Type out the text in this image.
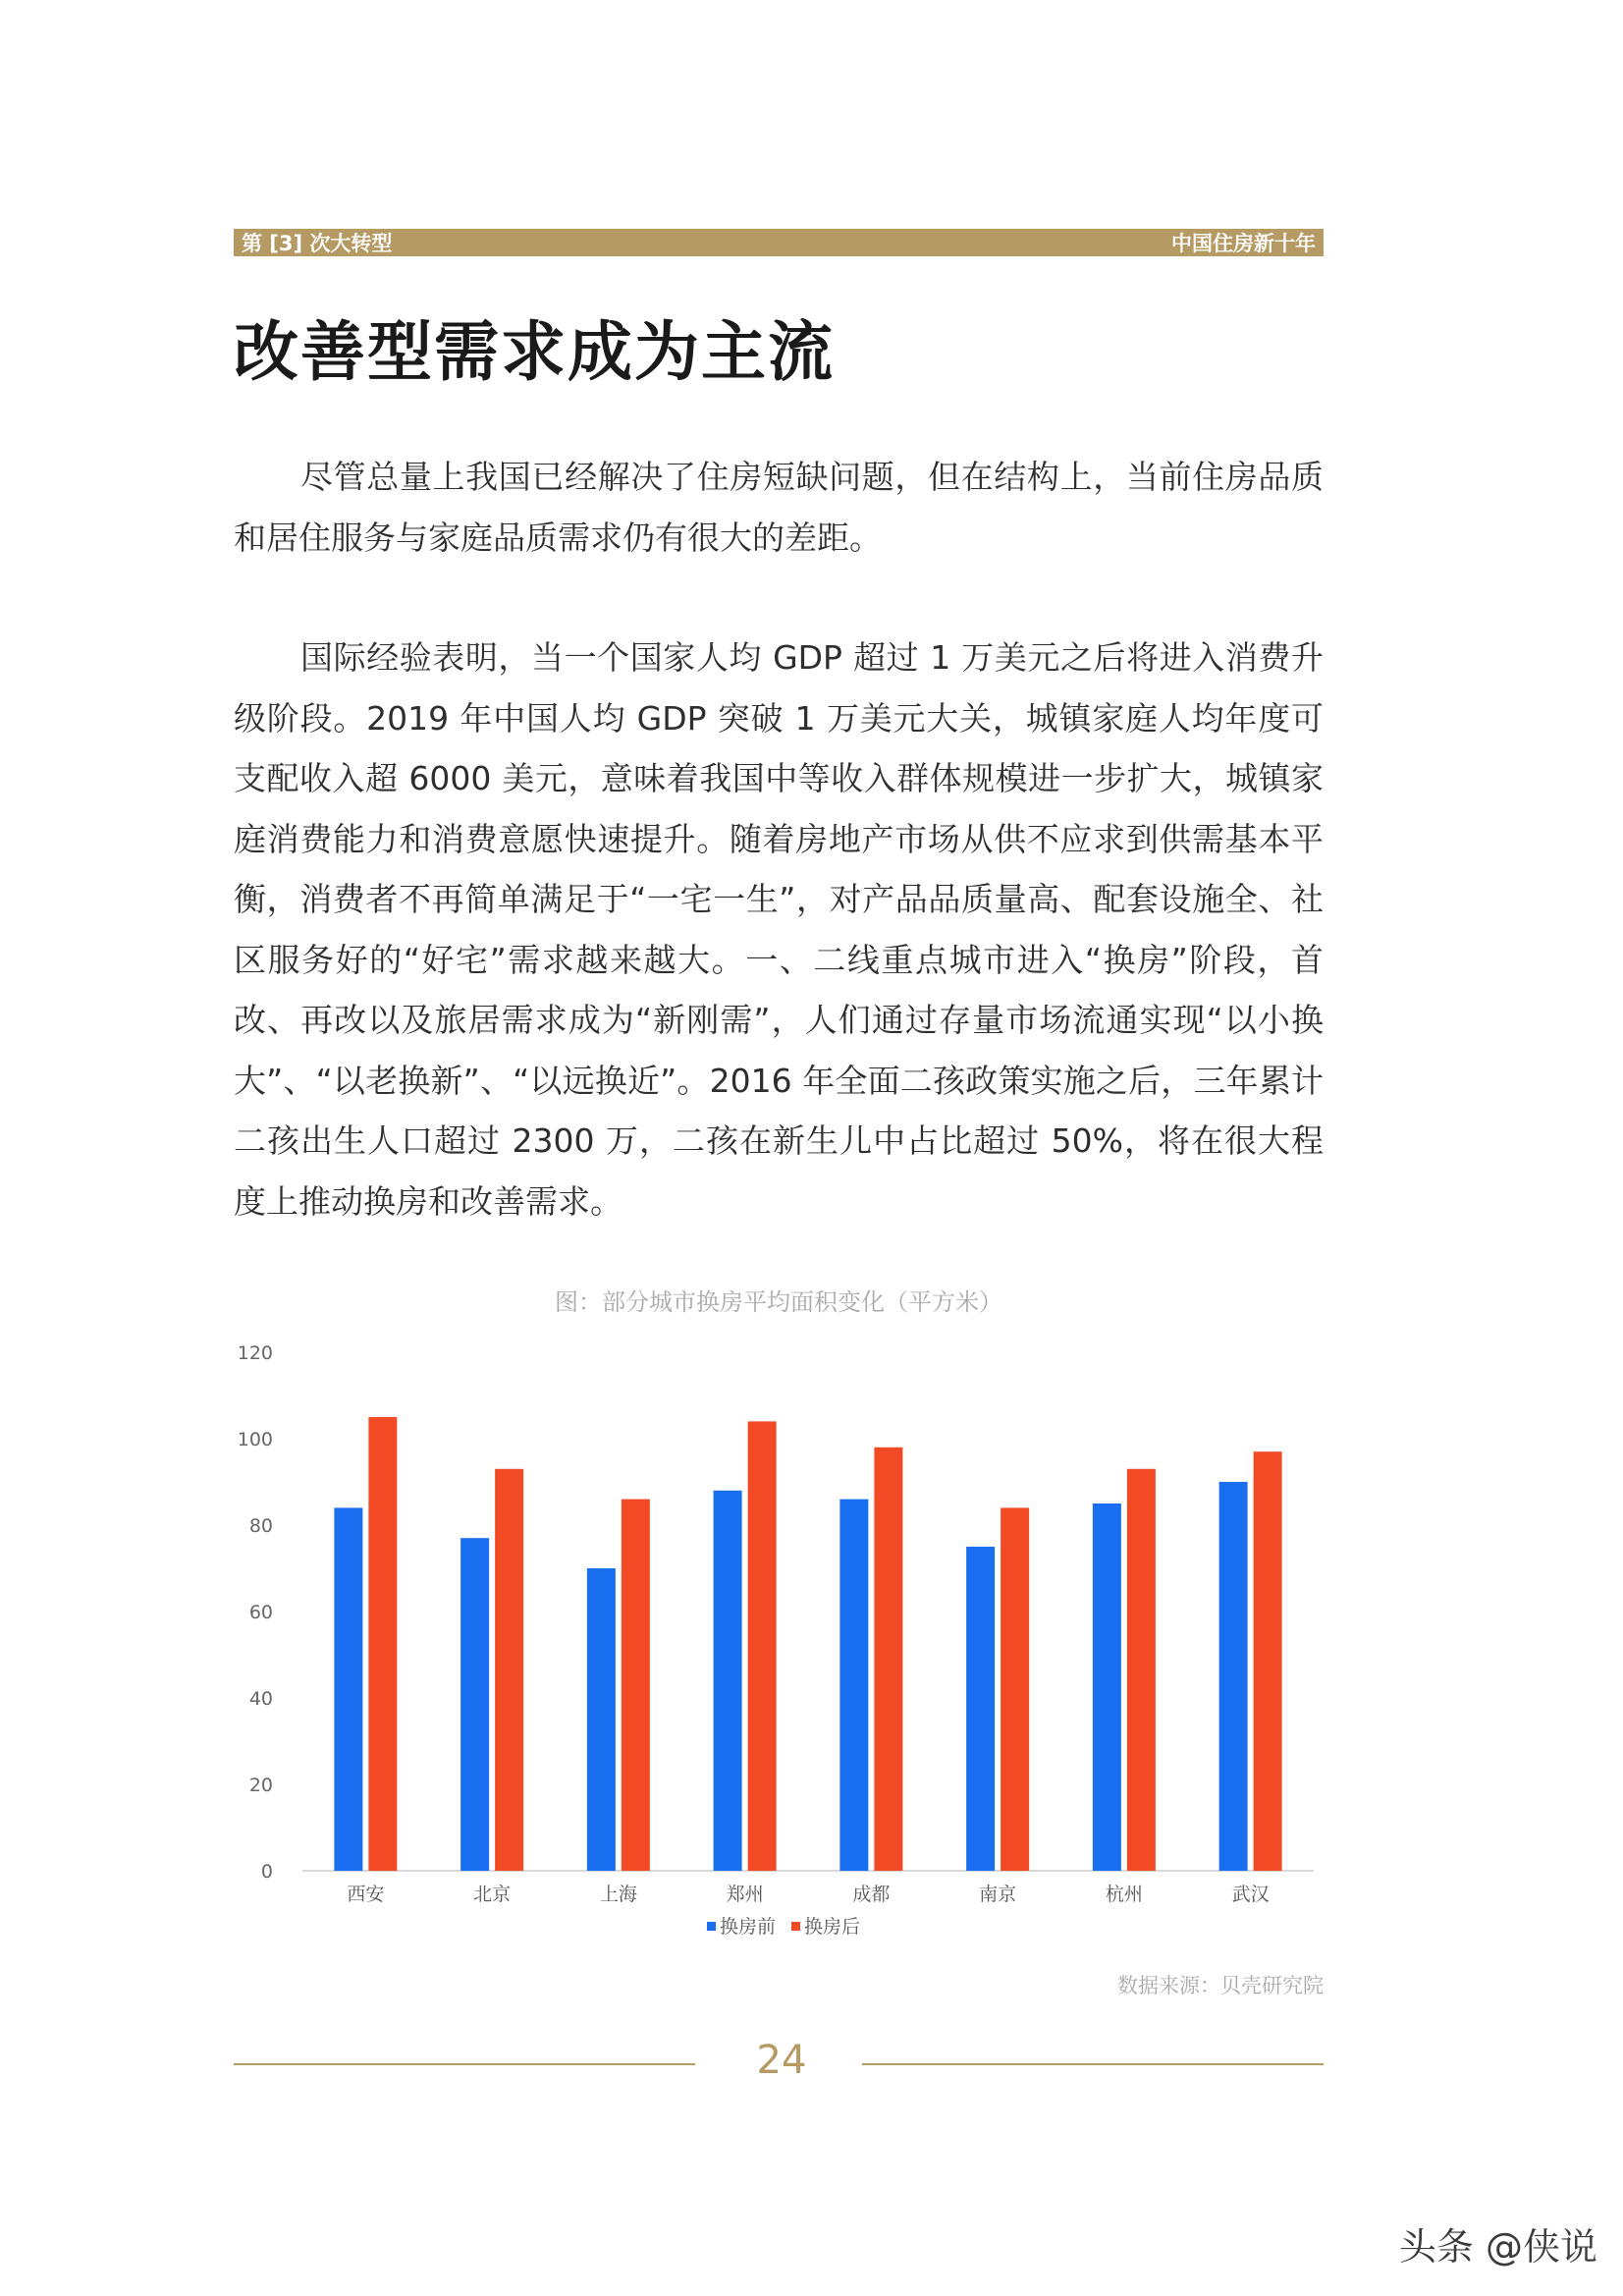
第 [3] 次大转型	中国住房新十年
改善型需求成为主流

尽管总量上我国已经解决了住房短缺问题，但在结构上，当前住房品质和居住服务与家庭品质需求仍有很大的差距。

国际经验表明，当一个国家人均 GDP 超过 1 万美元之后将进入消费升级阶段。2019 年中国人均 GDP 突破 1 万美元大关，城镇家庭人均年度可支配收入超 6000 美元，意味着我国中等收入群体规模进一步扩大，城镇家庭消费能力和消费意愿快速提升。随着房地产市场从供不应求到供需基本平衡，消费者不再简单满足于“一宅一生”，对产品品质量高、配套设施全、社区服务好的“好宅”需求越来越大。一、二线重点城市进入“换房”阶段，首改、再改以及旅居需求成为“新刚需”，人们通过存量市场流通实现“以小换大”、“以老换新”、“以远换近”。2016 年全面二孩政策实施之后，三年累计二孩出生人口超过 2300 万，二孩在新生儿中占比超过 50%，将在很大程度上推动换房和改善需求。

图：部分城市换房平均面积变化（平方米）
0
20
40
60
80
100
120
西安	北京	上海	郑州	成都	南京	杭州	武汉
换房前 换房后
数据来源：贝壳研究院
24
头条 @侠说
